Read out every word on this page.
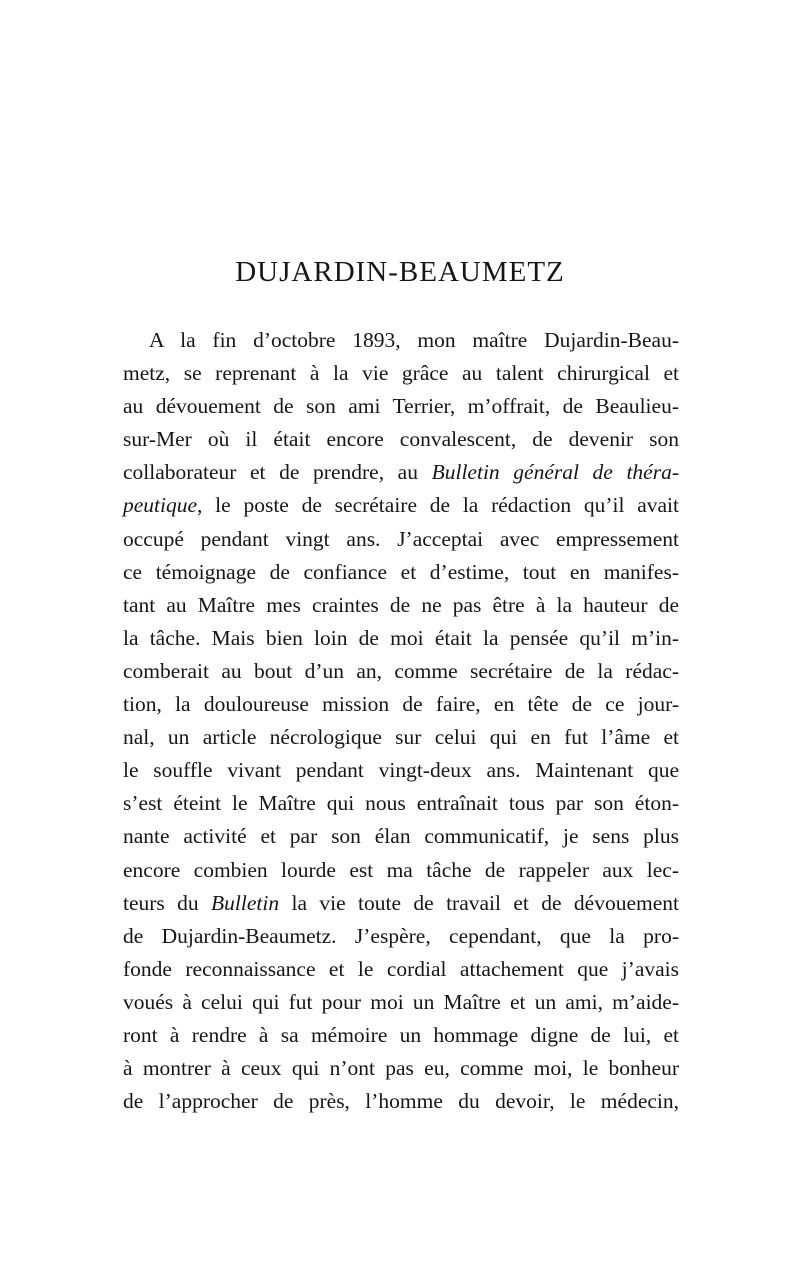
DUJARDIN-BEAUMETZ
A la fin d’octobre 1893, mon maître Dujardin-Beau-
metz, se reprenant à la vie grâce au talent chirurgical et
au dévouement de son ami Terrier, m’offrait, de Beaulieu-
sur-Mer où il était encore convalescent, de devenir son
collaborateur et de prendre, au Bulletin général de théra-
peutique, le poste de secrétaire de la rédaction qu’il avait
occupé pendant vingt ans. J’acceptai avec empressement
ce témoignage de confiance et d’estime, tout en manifes-
tant au Maître mes craintes de ne pas être à la hauteur de
la tâche. Mais bien loin de moi était la pensée qu’il m’in-
comberait au bout d’un an, comme secrétaire de la rédac-
tion, la douloureuse mission de faire, en tête de ce jour-
nal, un article nécrologique sur celui qui en fut l’âme et
le souffle vivant pendant vingt-deux ans. Maintenant que
s’est éteint le Maître qui nous entraînait tous par son éton-
nante activité et par son élan communicatif, je sens plus
encore combien lourde est ma tâche de rappeler aux lec-
teurs du Bulletin la vie toute de travail et de dévouement
de Dujardin-Beaumetz. J’espère, cependant, que la pro-
fonde reconnaissance et le cordial attachement que j’avais
voués à celui qui fut pour moi un Maître et un ami, m’aide-
ront à rendre à sa mémoire un hommage digne de lui, et
à montrer à ceux qui n’ont pas eu, comme moi, le bonheur
de l’approcher de près, l’homme du devoir, le médecin,
